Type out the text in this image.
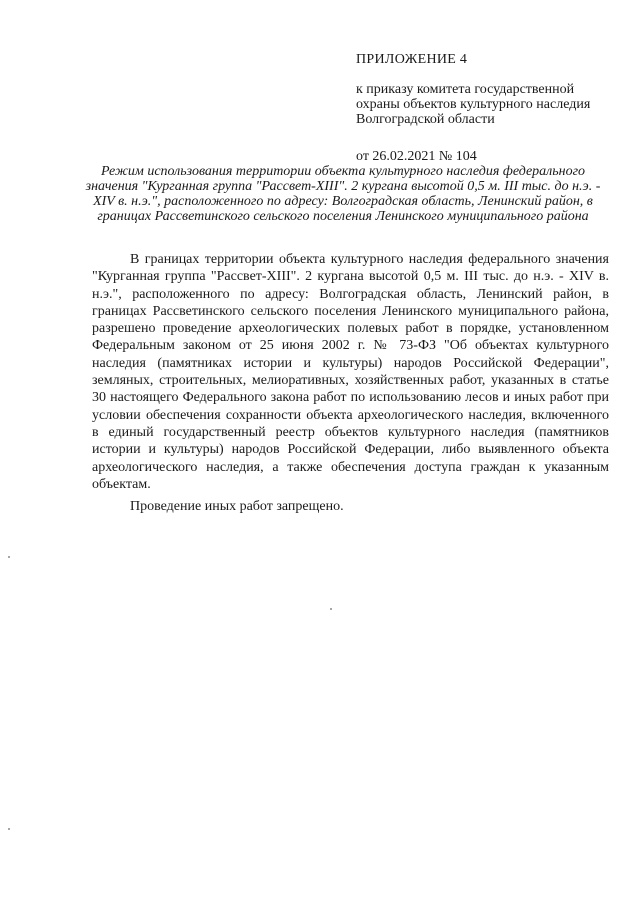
ПРИЛОЖЕНИЕ 4

к приказу комитета государственной охраны объектов культурного наследия Волгоградской области

от 26.02.2021 № 104

Режим использования территории объекта культурного наследия федерального значения "Курганная группа "Рассвет-XIII". 2 кургана высотой 0,5 м. III тыс. до н.э. - XIV в. н.э.", расположенного по адресу: Волгоградская область, Ленинский район, в границах Рассветинского сельского поселения Ленинского муниципального района

В границах территории объекта культурного наследия федерального значения "Курганная группа "Рассвет-XIII". 2 кургана высотой 0,5 м. III тыс. до н.э. - XIV в. н.э.", расположенного по адресу: Волгоградская область, Ленинский район, в границах Рассветинского сельского поселения Ленинского муниципального района, разрешено проведение археологических полевых работ в порядке, установленном Федеральным законом от 25 июня 2002 г. № 73-ФЗ "Об объектах культурного наследия (памятниках истории и культуры) народов Российской Федерации", земляных, строительных, мелиоративных, хозяйственных работ, указанных в статье 30 настоящего Федерального закона работ по использованию лесов и иных работ при условии обеспечения сохранности объекта археологического наследия, включенного в единый государственный реестр объектов культурного наследия (памятников истории и культуры) народов Российской Федерации, либо выявленного объекта археологического наследия, а также обеспечения доступа граждан к указанным объектам.

Проведение иных работ запрещено.
